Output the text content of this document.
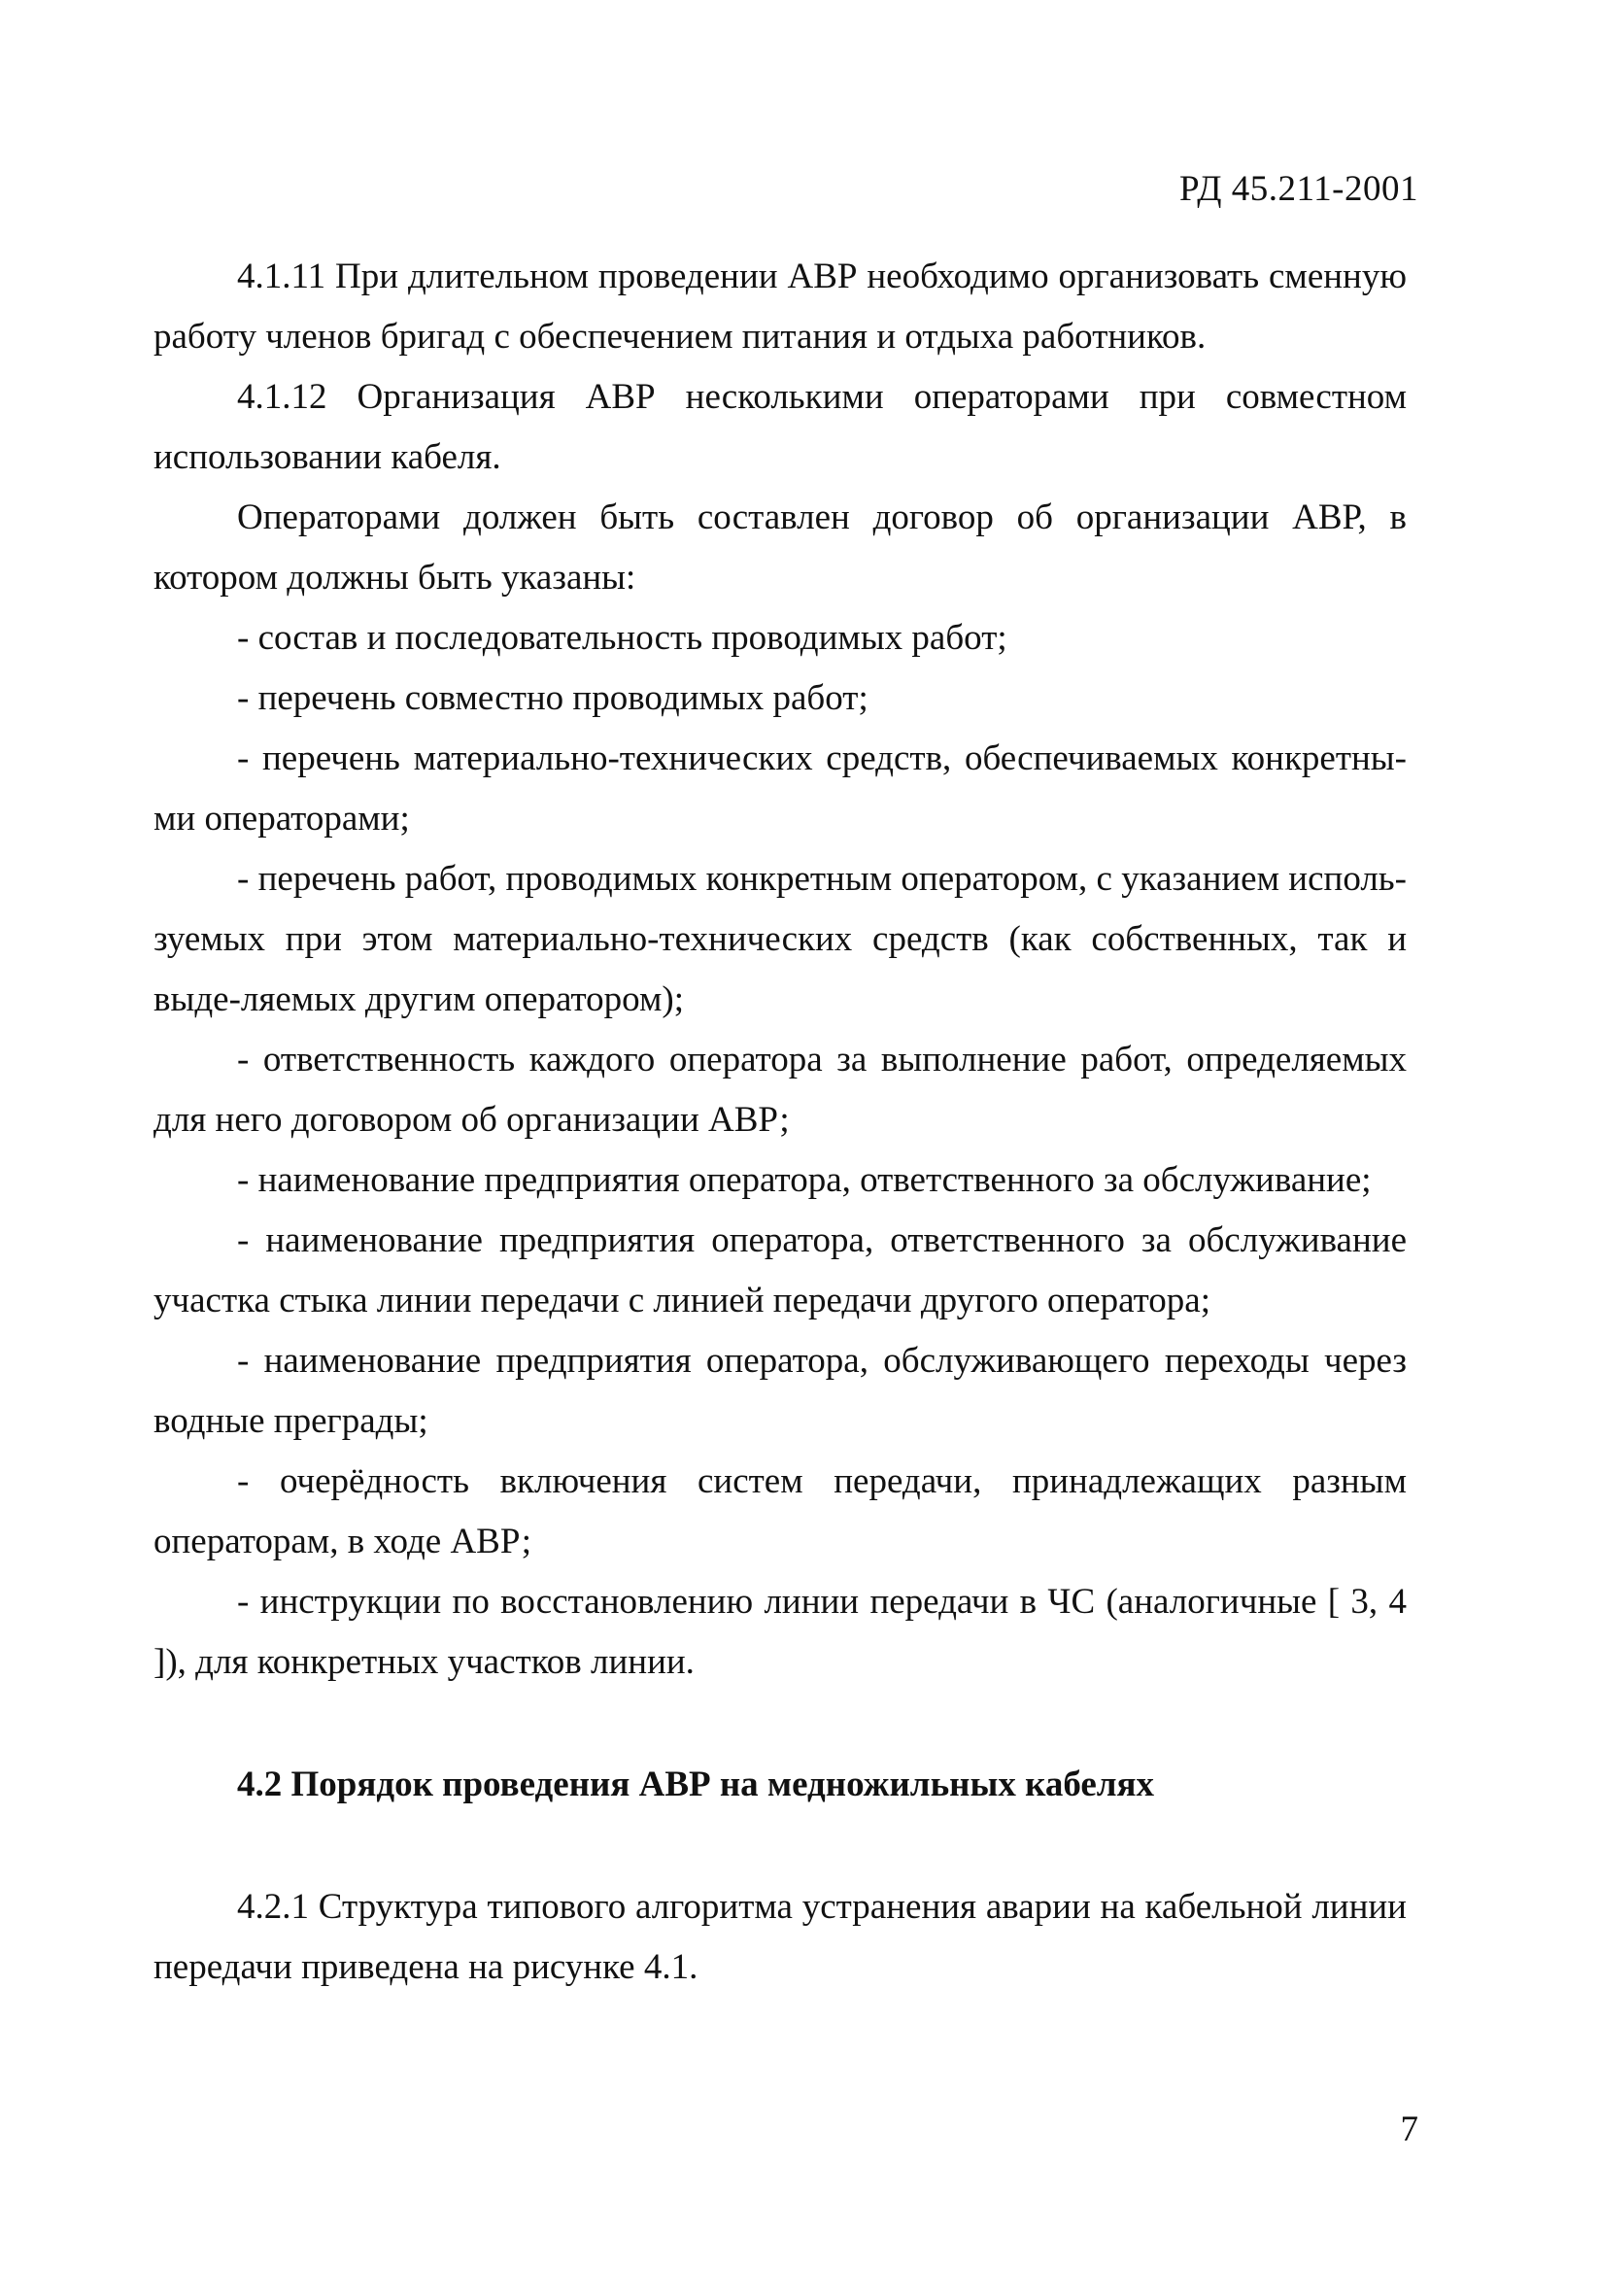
РД 45.211-2001

4.1.11 При длительном проведении АВР необходимо организовать сменную работу членов бригад с обеспечением питания и отдыха работников.

4.1.12 Организация АВР несколькими операторами при совместном использовании кабеля.

Операторами должен быть составлен договор об организации АВР, в котором должны быть указаны:

- состав и последовательность проводимых работ;

- перечень совместно проводимых работ;

- перечень материально-технических средств, обеспечиваемых конкретны-ми операторами;

- перечень работ, проводимых конкретным оператором, с указанием исполь-зуемых при этом материально-технических средств (как собственных, так и выде-ляемых другим оператором);

- ответственность каждого оператора за выполнение работ, определяемых для него договором об организации АВР;

- наименование предприятия оператора, ответственного за обслуживание;

- наименование предприятия оператора, ответственного за обслуживание участка стыка линии передачи с линией передачи другого оператора;

- наименование предприятия оператора, обслуживающего переходы через водные преграды;

- очерёдность включения систем передачи, принадлежащих разным операторам, в ходе АВР;

- инструкции по восстановлению линии передачи в ЧС (аналогичные [ 3, 4 ]), для конкретных участков линии.

4.2 Порядок проведения АВР на медножильных кабелях

4.2.1 Структура типового алгоритма устранения аварии на кабельной линии передачи приведена на рисунке 4.1.

7
